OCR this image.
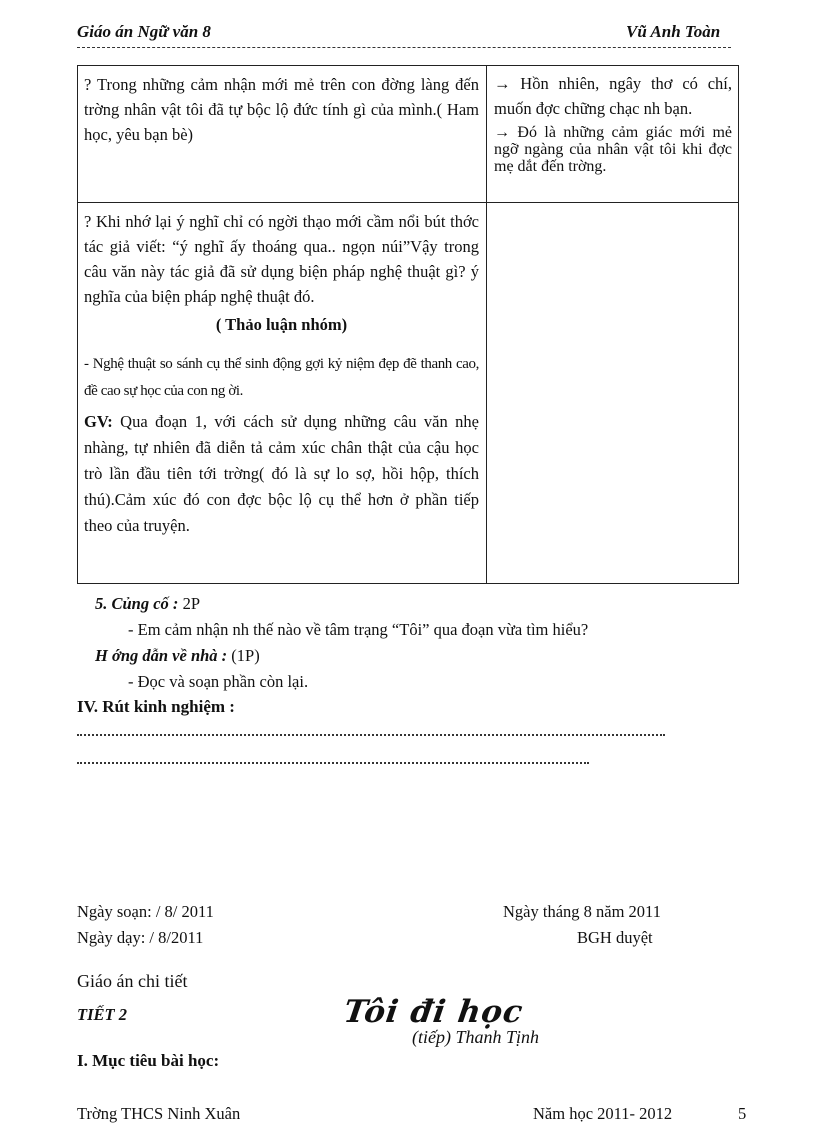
Giáo án Ngữ văn 8	Vũ Anh Toàn
? Trong những cảm nhận mới mẻ trên con đờng làng đến trờng nhân vật tôi đã tự bộc lộ đức tính gì của mình.( Ham học, yêu bạn bè)
→ Hồn nhiên, ngây thơ có chí, muốn đợc chững chạc nh bạn.
→ Đó là những cảm giác mới mẻ ngỡ ngàng của nhân vật tôi khi đợc mẹ dắt đến trờng.
? Khi nhớ lại ý nghĩ chỉ có ngời thạo mới cầm nổi bút thớc tác giả viết: “ý nghĩ ấy thoáng qua.. ngọn núi”Vậy trong câu văn này tác giả đã sử dụng biện pháp nghệ thuật gì? ý nghĩa của biện pháp nghệ thuật đó.
( Thảo luận nhóm)
- Nghệ thuật so sánh cụ thể sinh động gợi kỷ niệm đẹp đẽ thanh cao, đề cao sự học của con ng ời.
GV: Qua đoạn 1, với cách sử dụng những câu văn nhẹ nhàng, tự nhiên đã diễn tả cảm xúc chân thật của cậu học trò lần đầu tiên tới trờng( đó là sự lo sợ, hồi hộp, thích thú).Cảm xúc đó con đợc bộc lộ cụ thể hơn ở phần tiếp theo của truyện.
5. Củng cố : 2P
- Em cảm nhận nh thế nào về tâm trạng “Tôi” qua đoạn vừa tìm hiểu?
H ớng dẫn về nhà : (1P)
- Đọc và soạn phần còn lại.
IV. Rút kinh nghiệm :
Ngày soạn: / 8/ 2011
Ngày dạy: / 8/2011
Ngày tháng 8 năm 2011
BGH duyệt
Giáo án chi tiết
TIẾT 2	Tôi đi học
(tiếp) Thanh Tịnh
I. Mục tiêu bài học:
Trờng THCS Ninh Xuân	Năm học 2011- 2012	5
